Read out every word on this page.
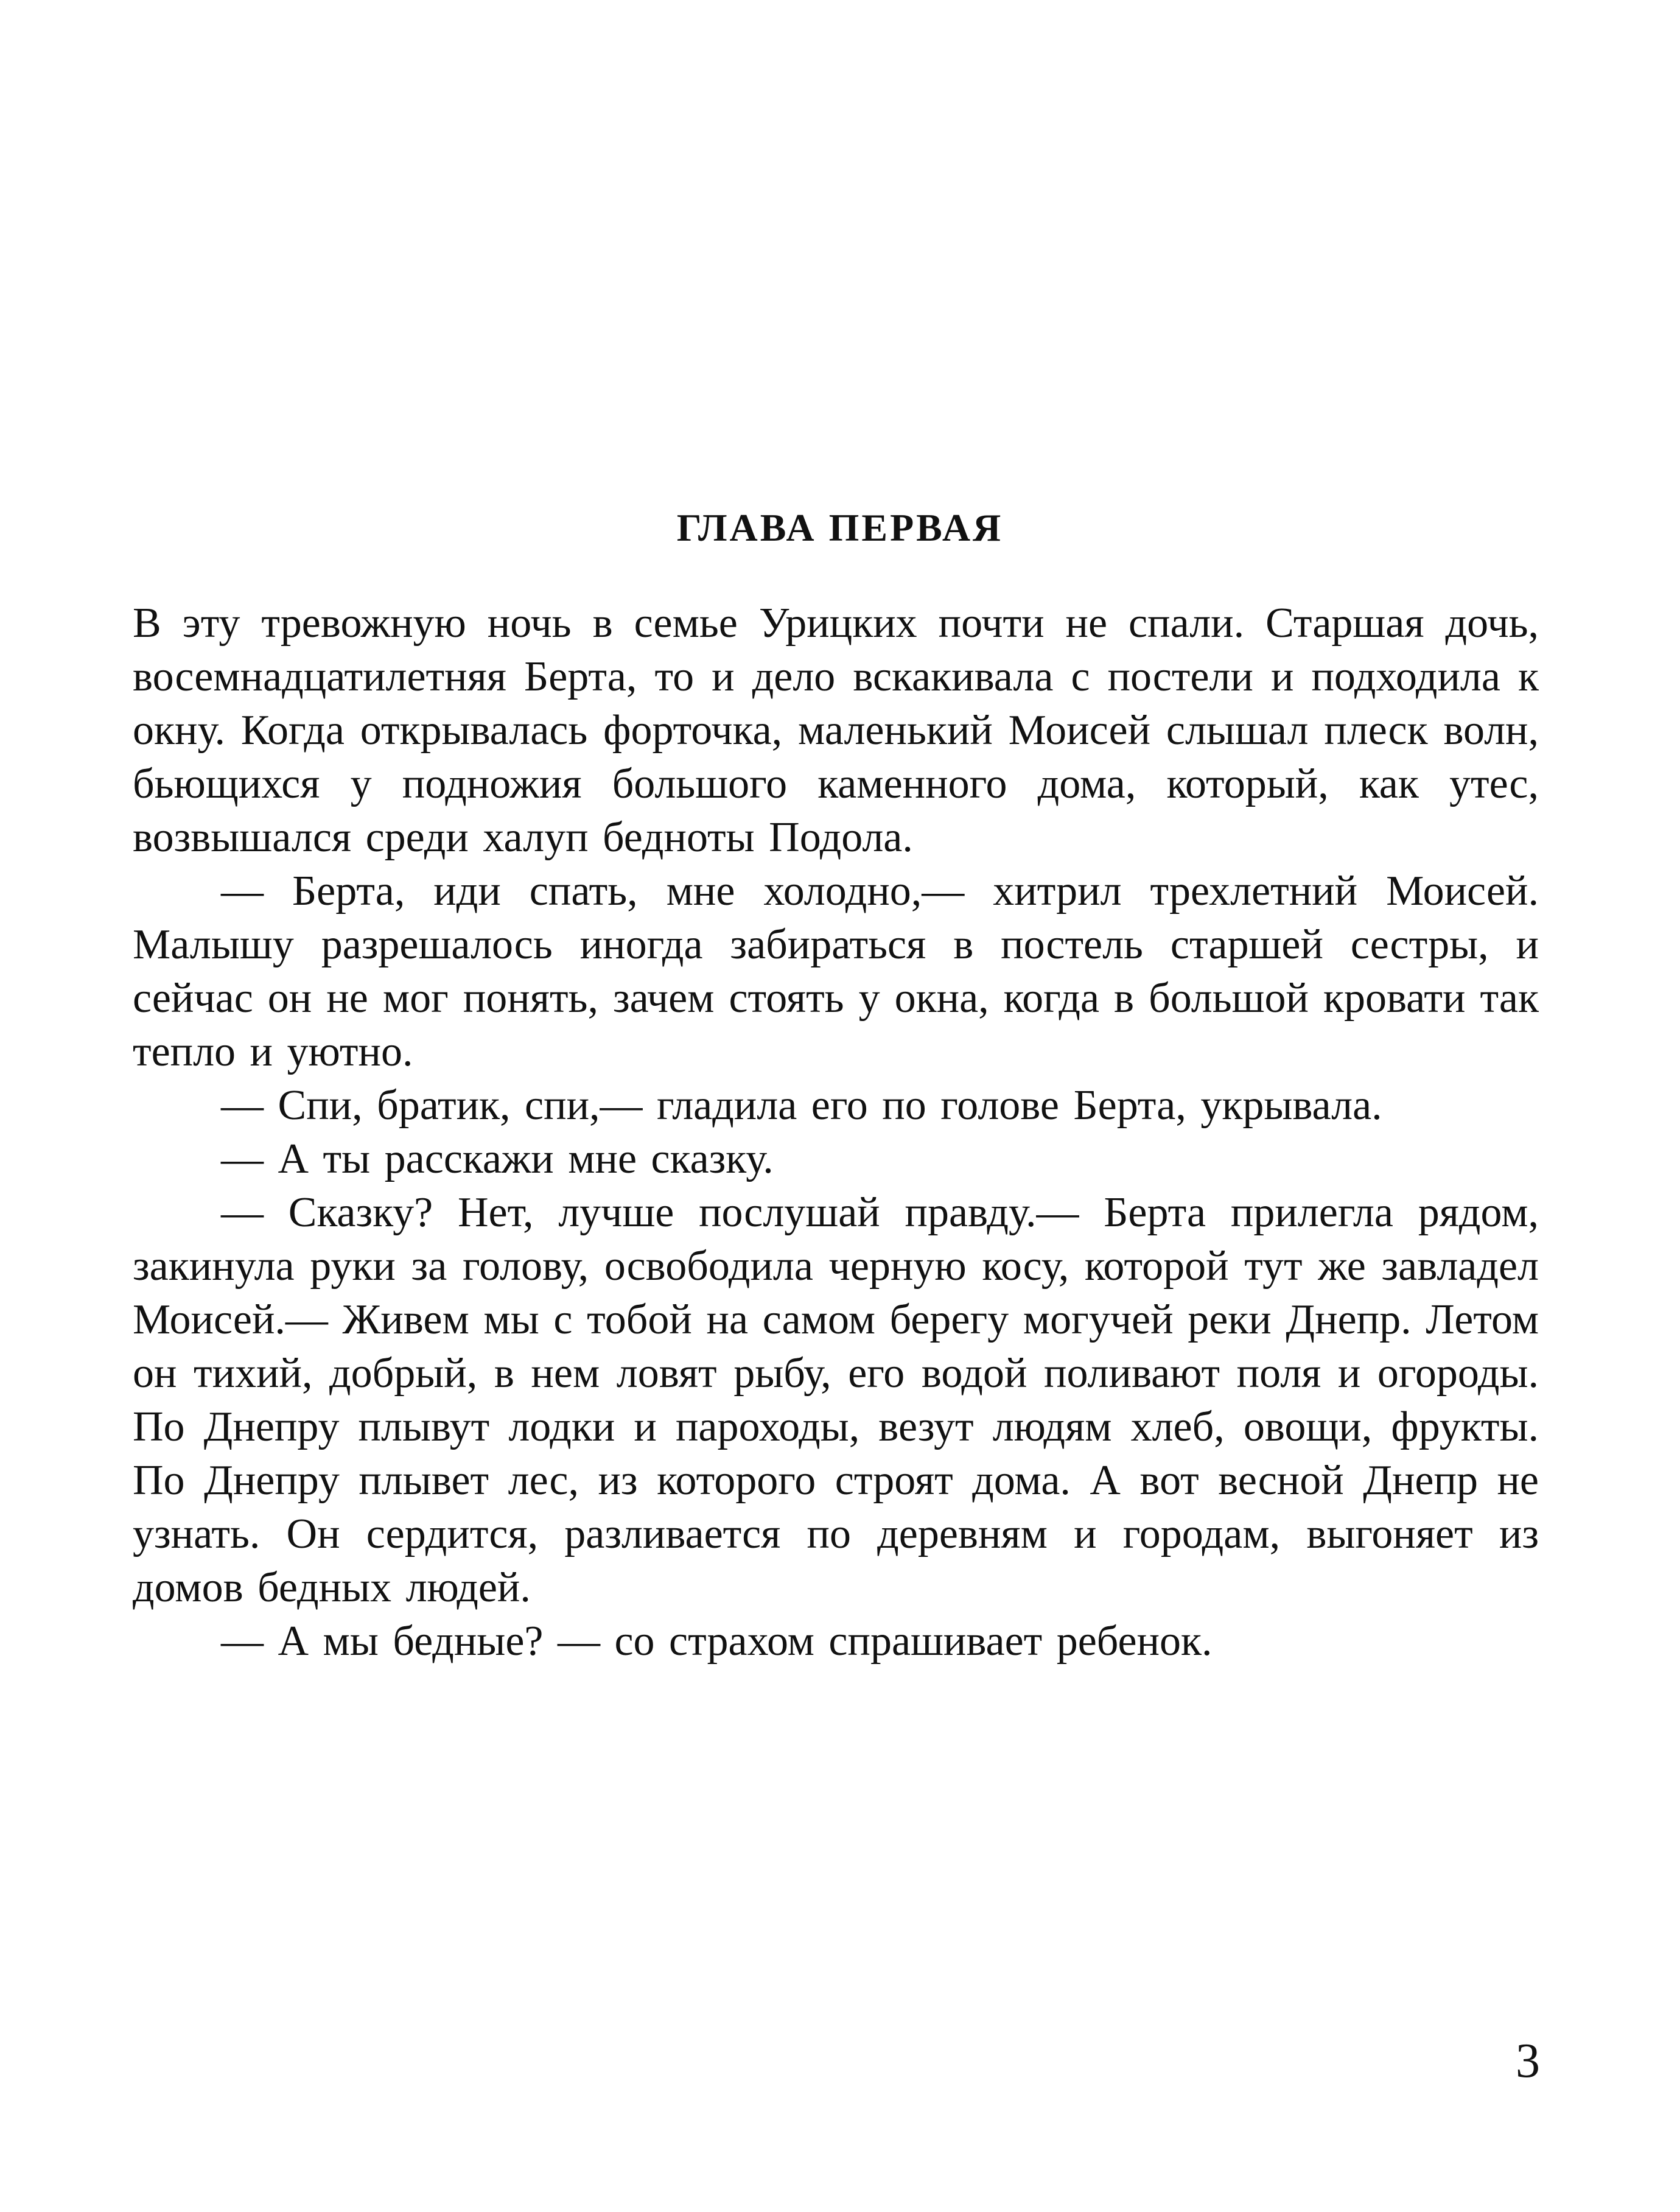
ГЛАВА ПЕРВАЯ

В эту тревожную ночь в семье Урицких почти не спали. Старшая дочь, восемнадцатилетняя Берта, то и дело вскакивала с постели и подходила к окну. Когда открывалась форточка, маленький Моисей слышал плеск волн, бьющихся у подножия большого каменного дома, который, как утес, возвышался среди халуп бедноты Подола.

— Берта, иди спать, мне холодно,— хитрил трехлетний Моисей. Малышу разрешалось иногда забираться в постель старшей сестры, и сейчас он не мог понять, зачем стоять у окна, когда в большой кровати так тепло и уютно.

— Спи, братик, спи,— гладила его по голове Берта, укрывала.

— А ты расскажи мне сказку.

— Сказку? Нет, лучше послушай правду.— Берта прилегла рядом, закинула руки за голову, освободила черную косу, которой тут же завладел Моисей.— Живем мы с тобой на самом берегу могучей реки Днепр. Летом он тихий, добрый, в нем ловят рыбу, его водой поливают поля и огороды. По Днепру плывут лодки и пароходы, везут людям хлеб, овощи, фрукты. По Днепру плывет лес, из которого строят дома. А вот весной Днепр не узнать. Он сердится, разливается по деревням и городам, выгоняет из домов бедных людей.

— А мы бедные? — со страхом спрашивает ребенок.

3
